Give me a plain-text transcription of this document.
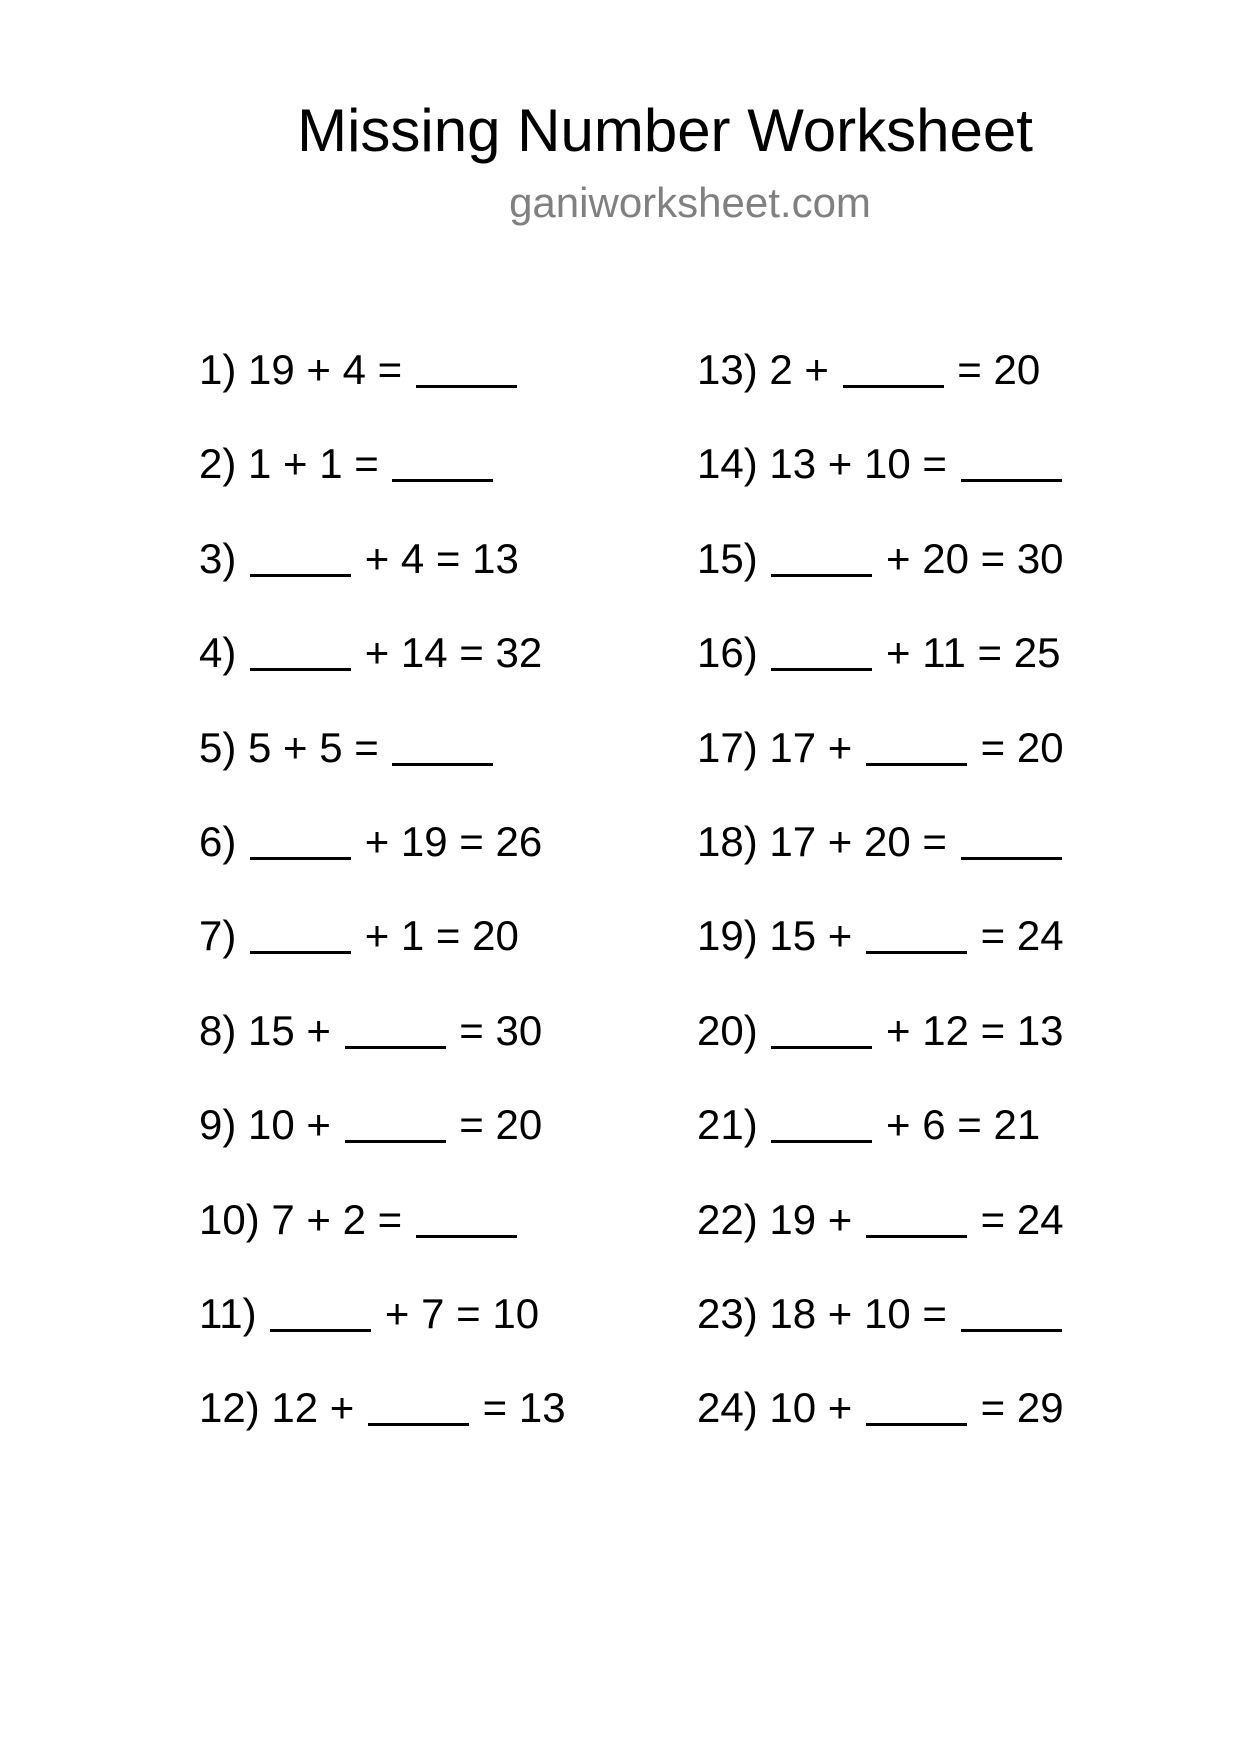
Missing Number Worksheet
ganiworksheet.com
1) 19 + 4 =
2) 1 + 1 =
3)	+ 4 = 13
4)	+ 14 = 32
5) 5 + 5 =
6)	+ 19 = 26
7)	+ 1 = 20
8) 15 +	= 30
9) 10 +	= 20
10) 7 + 2 =
11)	+ 7 = 10
12) 12 +	= 13
13) 2 +	= 20
14) 13 + 10 =
15)	+ 20 = 30
16)	+ 11 = 25
17) 17 +	= 20
18) 17 + 20 =
19) 15 +	= 24
20)	+ 12 = 13
21)	+ 6 = 21
22) 19 +	= 24
23) 18 + 10 =
24) 10 +	= 29
